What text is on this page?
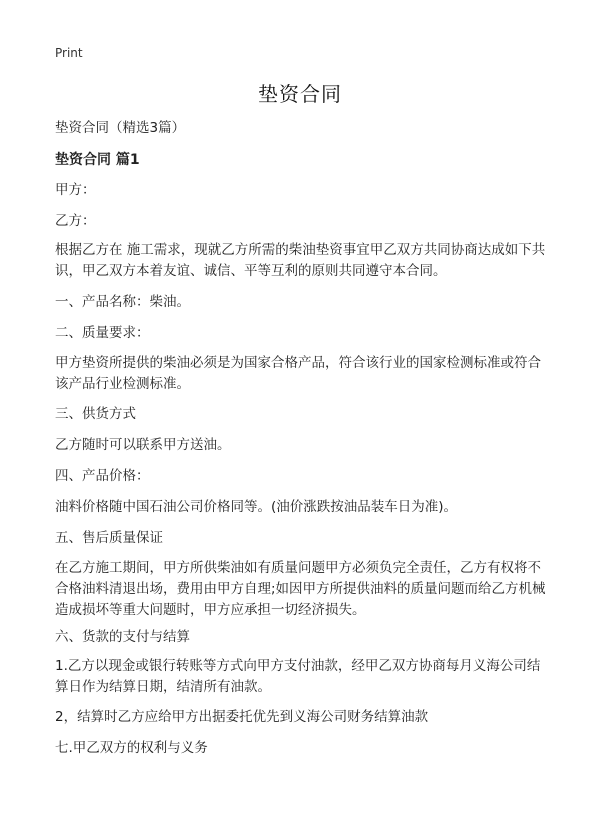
Print
垫资合同

垫资合同（精选3篇）

垫资合同 篇1

甲方：

乙方：

根据乙方在 施工需求，现就乙方所需的柴油垫资事宜甲乙双方共同协商达成如下共识，甲乙双方本着友谊、诚信、平等互利的原则共同遵守本合同。

一、产品名称：柴油。

二、质量要求：

甲方垫资所提供的柴油必须是为国家合格产品，符合该行业的国家检测标准或符合该产品行业检测标准。

三、供货方式

乙方随时可以联系甲方送油。

四、产品价格：

油料价格随中国石油公司价格同等。(油价涨跌按油品装车日为准)。

五、售后质量保证

在乙方施工期间，甲方所供柴油如有质量问题甲方必须负完全责任，乙方有权将不合格油料清退出场，费用由甲方自理;如因甲方所提供油料的质量问题而给乙方机械造成损坏等重大问题时，甲方应承担一切经济损失。

六、货款的支付与结算

1.乙方以现金或银行转账等方式向甲方支付油款，经甲乙双方协商每月义海公司结算日作为结算日期，结清所有油款。

2，结算时乙方应给甲方出据委托优先到义海公司财务结算油款

七.甲乙双方的权利与义务
